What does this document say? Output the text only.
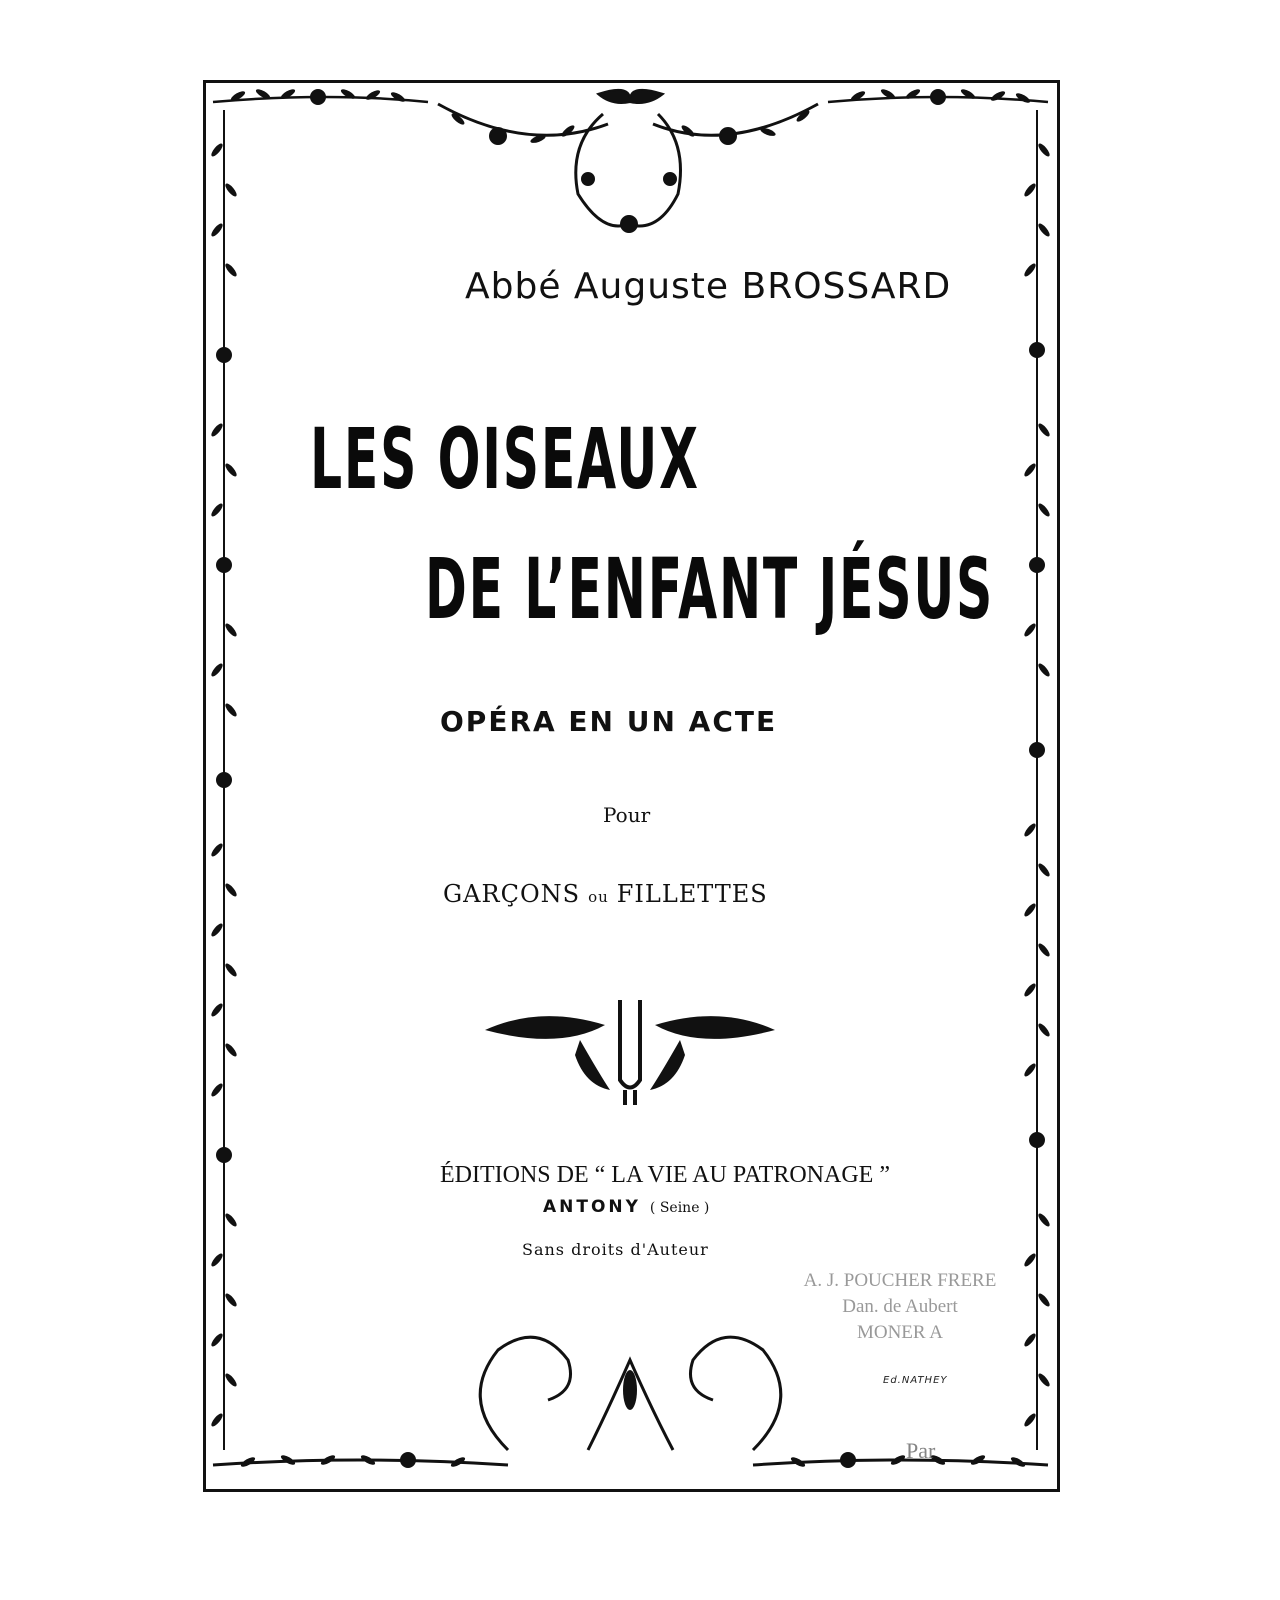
Abbé Auguste BROSSARD

LES OISEAUX

DE L’ENFANT JÉSUS

OPÉRA EN UN ACTE

Pour

GARÇONS ou FILLETTES

ÉDITIONS DE “ LA VIE AU PATRONAGE ”

ANTONY ( Seine )

Sans droits d'Auteur

A. J. POUCHER FRERE
Dan. de Aubert
MONER A

Ed.NATHEY

Par
